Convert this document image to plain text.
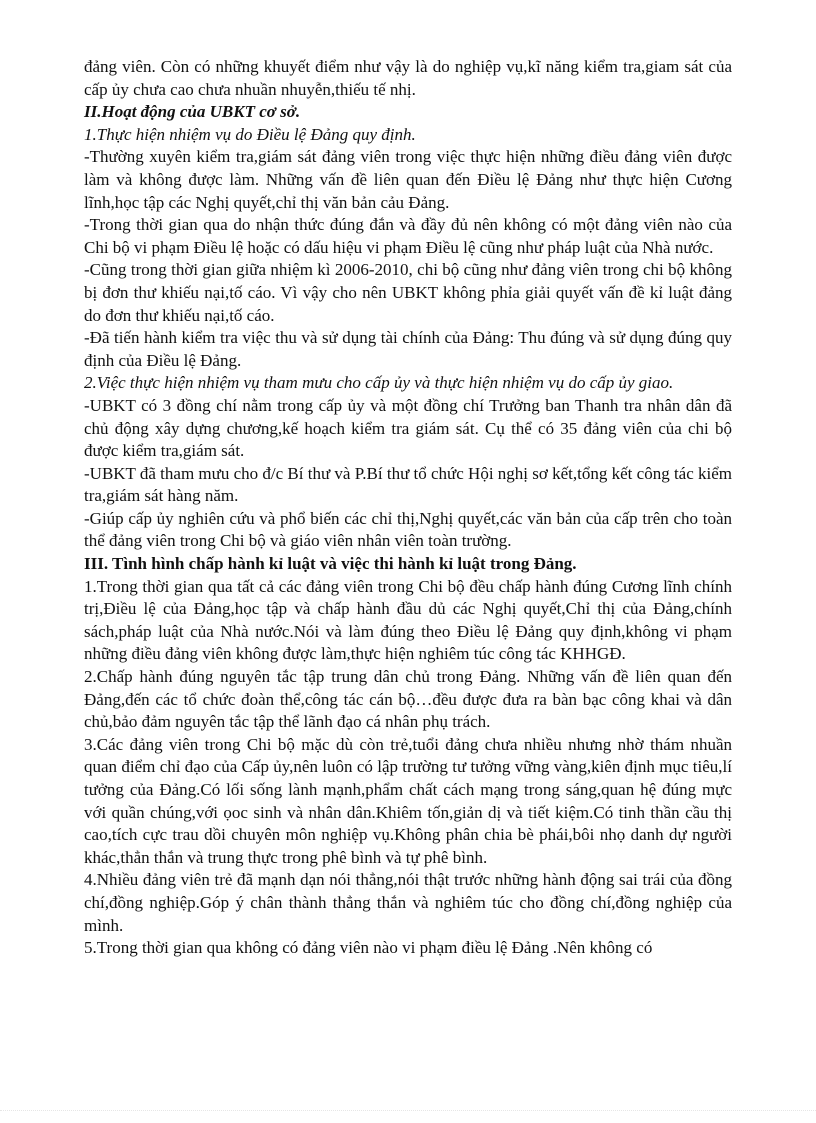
đảng viên. Còn có những khuyết điểm như vậy là do nghiệp vụ,kĩ năng kiểm tra,giam sát của cấp ủy chưa cao chưa nhuần nhuyễn,thiếu tế nhị.

II.Hoạt động của UBKT cơ sở.

1.Thực hiện nhiệm vụ do Điều lệ Đảng quy định.

-Thường xuyên kiểm tra,giám sát đảng viên trong việc thực hiện những điều đảng viên được làm và không được làm. Những vấn đề liên quan đến Điều lệ Đảng như thực hiện Cương lĩnh,học tập các Nghị quyết,chỉ thị văn bản cảu Đảng.

-Trong thời gian qua do nhận thức đúng đắn và đầy đủ nên không có một đảng viên nào của Chi bộ vi phạm Điều lệ hoặc có dấu hiệu vi phạm Điều lệ cũng như pháp luật của Nhà nước.

-Cũng trong thời gian giữa nhiệm kì 2006-2010, chi bộ cũng như đảng viên trong chi bộ không bị đơn thư khiếu nại,tố cáo. Vì vậy cho nên UBKT không phỉa giải quyết vấn đề kỉ luật đảng do đơn thư khiếu nại,tố cáo.

-Đã tiến hành kiểm tra việc thu và sử dụng tài chính của Đảng: Thu đúng và sử dụng đúng quy định của Điều lệ Đảng.

2.Việc thực hiện nhiệm vụ tham mưu cho cấp ủy và thực hiện nhiệm vụ do cấp ủy giao.

-UBKT có 3 đồng chí nằm trong cấp ủy và một đồng chí Trưởng ban Thanh tra nhân dân đã chủ động xây dựng chương,kế hoạch kiểm tra giám sát. Cụ thể có 35 đảng viên của chi bộ được kiểm tra,giám sát.

-UBKT đã tham mưu cho đ/c Bí thư và P.Bí thư tổ chức Hội nghị sơ kết,tổng kết công tác kiểm tra,giám sát hàng năm.

-Giúp cấp ủy nghiên cứu và phổ biến các chỉ thị,Nghị quyết,các văn bản của cấp trên cho toàn thể đảng viên trong Chi bộ và giáo viên nhân viên toàn trường.

III. Tình hình chấp hành kỉ luật và việc thi hành kỉ luật trong Đảng.

1.Trong thời gian qua tất cả các đảng viên trong Chi bộ đều chấp hành đúng Cương lĩnh chính trị,Điều lệ của Đảng,học tập và chấp hành đầu dủ các Nghị quyết,Chỉ thị của Đảng,chính sách,pháp luật của Nhà nước.Nói và làm đúng theo Điều lệ Đảng quy định,không vi phạm những điều đảng viên không được làm,thực hiện nghiêm túc công tác KHHGĐ.

2.Chấp hành đúng nguyên tắc tập trung dân chủ trong Đảng. Những vấn đề liên quan đến Đảng,đến các tổ chức đoàn thể,công tác cán bộ…đều được đưa ra bàn bạc công khai và dân chủ,bảo đảm nguyên tắc tập thể lãnh đạo cá nhân phụ trách.

3.Các đảng viên trong Chi bộ mặc dù còn trẻ,tuổi đảng chưa nhiều nhưng nhờ thám nhuần quan điểm chỉ đạo của Cấp ủy,nên luôn có lập trường tư tưởng vững vàng,kiên định mục tiêu,lí tưởng của Đảng.Có lối sống lành mạnh,phẩm chất cách mạng trong sáng,quan hệ đúng mực với quần chúng,với ọoc sinh và nhân dân.Khiêm tốn,giản dị và tiết kiệm.Có tinh thần cầu thị cao,tích cực trau dồi chuyên môn nghiệp vụ.Không phân chia bè phái,bôi nhọ danh dự người khác,thẳn thắn và trung thực trong phê bình và tự phê bình.

4.Nhiều đảng viên trẻ đã mạnh dạn nói thẳng,nói thật trước những hành động sai trái của đồng chí,đồng nghiệp.Góp ý chân thành thẳng thắn và nghiêm túc cho đồng chí,đồng nghiệp của mình.

5.Trong thời gian qua không có đảng viên nào vi phạm điều lệ Đảng .Nên không có
